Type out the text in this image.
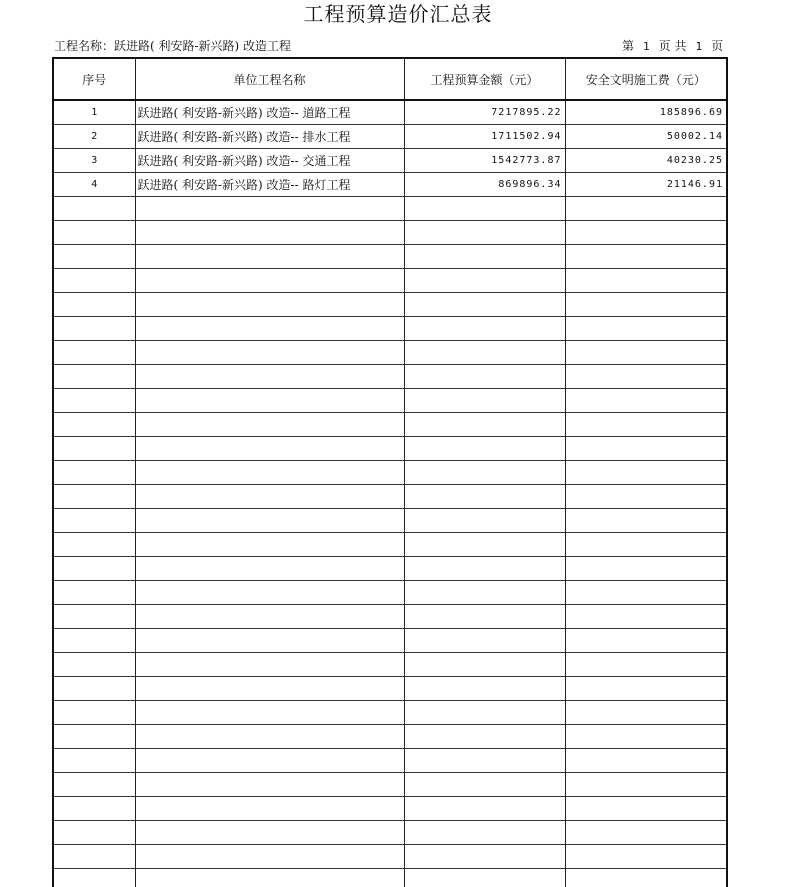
工程预算造价汇总表
工程名称：跃进路( 利安路-新兴路) 改造工程	第 1 页 共 1 页
序号	单位工程名称	工程预算金额（元）	安全文明施工费（元）
1	跃进路( 利安路-新兴路) 改造-- 道路工程	7217895.22	185896.69
2	跃进路( 利安路-新兴路) 改造-- 排水工程	1711502.94	50002.14
3	跃进路( 利安路-新兴路) 改造-- 交通工程	1542773.87	40230.25
4	跃进路( 利安路-新兴路) 改造-- 路灯工程	869896.34	21146.91
